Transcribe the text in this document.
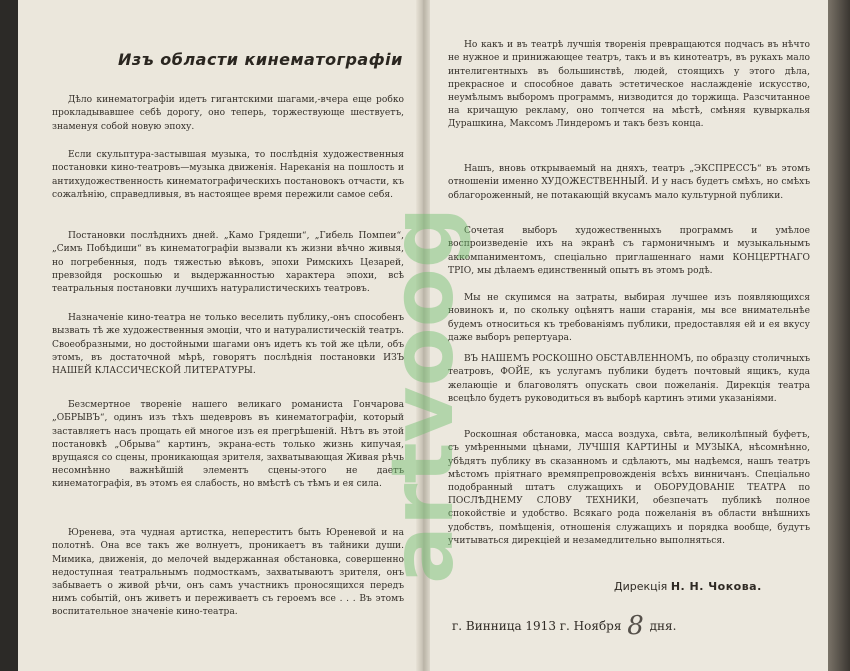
Изъ области кинематографіи

Дѣло кинематографіи идетъ гигантскими шагами,-вчера еще робко прокладывавшее себѣ дорогу, оно теперь, торжествующе шествуетъ, знаменуя собой новую эпоху.

Если скульптура-застывшая музыка, то послѣднія художественныя постановки кино-театровъ—музыка движенія. Нареканія на пошлость и антихудожественность кинематографическихъ постановокъ отчасти, къ сожалѣнію, справедливыя, въ настоящее время пережили самое себя.

Постановки послѣднихъ дней. „Камо Грядеши“, „Гибель Помпеи“, „Симъ Побѣдиши“ въ кинематографіи вызвали къ жизни вѣчно живыя, но погребенныя, подъ тяжестью вѣковъ, эпохи Римскихъ Цезарей, превзойдя роскошью и выдержанностью характера эпохи, всѣ театральныя постановки лучшихъ натуралистическихъ театровъ.

Назначеніе кино-театра не только веселить публику,-онъ способенъ вызвать тѣ же художественныя эмоціи, что и натуралистическій театръ. Своеобразными, но достойными шагами онъ идетъ къ той же цѣли, объ этомъ, въ достаточной мѣрѣ, говорятъ послѣднія постановки ИЗЪ НАШЕЙ КЛАССИЧЕСКОЙ ЛИТЕРАТУРЫ.

Безсмертное твореніе нашего великаго романиста Гончарова „ОБРЫВЪ“, одинъ изъ тѣхъ шедевровъ въ кинематографіи, который заставляетъ насъ прощать ей многое изъ ея прегрѣшеній. Нѣтъ въ этой постановкѣ „Обрыва“ картинъ, экрана-есть только жизнь кипучая, врущаяся со сцены, проникающая зрителя, захватывающая Живая рѣчь несомнѣнно важнѣйшій элементъ сцены-этого не даетъ кинематографія, въ этомъ ея слабость, но вмѣстѣ съ тѣмъ и ея сила.

Юренева, эта чудная артистка, непереститъ быть Юреневой и на полотнѣ. Она все такъ же волнуетъ, проникаетъ въ тайники души. Мимика, движенія, до мелочей выдержанная обстановка, совершенно недоступная театральнымъ подмосткамъ, захватываютъ зрителя, онъ забываетъ о живой рѣчи, онъ самъ участникъ проносящихся передъ нимъ событій, онъ живетъ и переживаетъ съ героемъ все . . . Въ этомъ воспитательное значеніе кино-театра.

Но какъ и въ театрѣ лучшія творенія превращаются подчасъ въ нѣчто не нужное и принижающее театръ, такъ и въ кинотеатръ, въ рукахъ мало интелигентныхъ въ большинствѣ, людей, стоящихъ у этого дѣла, прекрасное и способное давать эстетическое наслажденіе искусство, неумѣлымъ выборомъ программъ, низводится до торжища. Разсчитанное на кричащую рекламу, оно топчется на мѣстѣ, смѣняя кувыркалья Дурашкина, Максомъ Линдеромъ и такъ безъ конца.

Нашъ, вновь открываемый на дняхъ, театръ „ЭКСПРЕССЪ“ въ этомъ отношеніи именно ХУДОЖЕСТВЕННЫЙ. И у насъ будетъ смѣхъ, но смѣхъ облагороженный, не потакающій вкусамъ мало культурной публики.

Сочетая выборъ художественныхъ программъ и умѣлое воспроизведеніе ихъ на экранѣ съ гармоничнымъ и музыкальнымъ аккомпаниментомъ, спеціально приглашеннаго нами КОНЦЕРТНАГО ТРІО, мы дѣлаемъ единственный опытъ въ этомъ родѣ.

Мы не скупимся на затраты, выбирая лучшее изъ появляющихся новинокъ и, по скольку оцѣнятъ наши старанія, мы все внимательнѣе будемъ относиться къ требованіямъ публики, предоставляя ей и ея вкусу даже выборъ репертуара.

ВЪ НАШЕМЪ РОСКОШНО ОБСТАВЛЕННОМЪ, по образцу столичныхъ театровъ, ФОЙЕ, къ услугамъ публики будетъ почтовый ящикъ, куда желающіе и благоволятъ опускать свои пожеланія. Дирекція театра всецѣло будетъ руководиться въ выборѣ картинъ этими указаніями.

Роскошная обстановка, масса воздуха, свѣта, великолѣпный буфетъ, съ умѣренными цѣнами, ЛУЧШІЯ КАРТИНЫ и МУЗЫКА, нѣсомнѣнно, убѣдятъ публику въ сказанномъ и сдѣлаютъ, мы надѣемся, нашъ театръ мѣстомъ пріятнаго времяпрепровожденія всѣхъ винничанъ. Спеціально подобранный штатъ служащихъ и ОБОРУДОВАНІЕ ТЕАТРА по ПОСЛѢДНЕМУ СЛОВУ ТЕХНИКИ, обезпечатъ публикѣ полное спокойствіе и удобство. Всякаго рода пожеланія въ области внѣшнихъ удобствъ, помѣщенія, отношенія служащихъ и порядка вообще, будутъ учитываться дирекціей и незамедлительно выполняться.

Дирекція Н. Н. Чокова.
г. Винница 1913 г. Ноября 8 дня.
artvoog
